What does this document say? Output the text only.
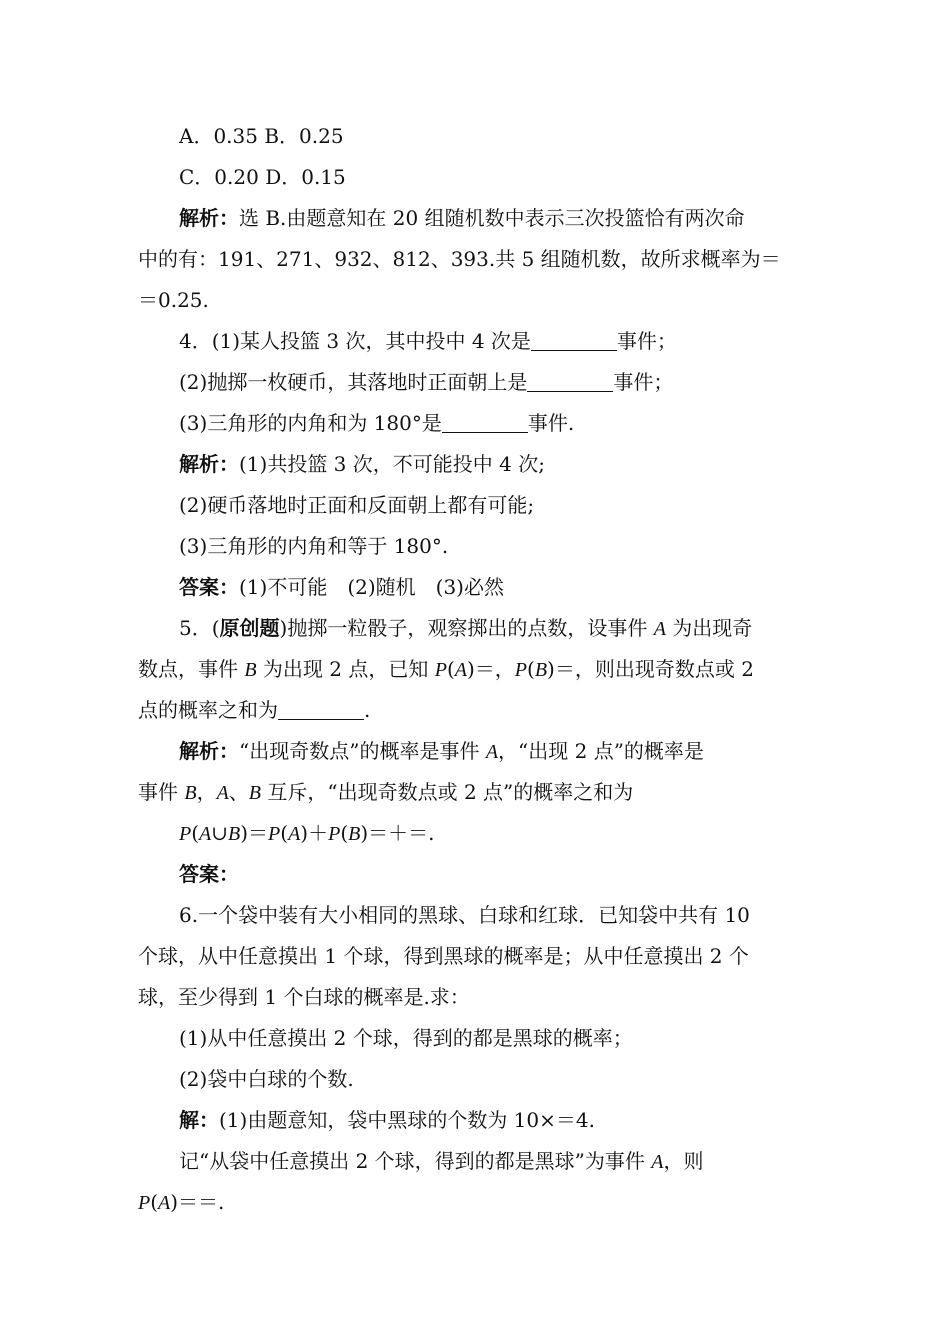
A．0.35 B．0.25
C．0.20 D．0.15
解析：选 B.由题意知在 20 组随机数中表示三次投篮恰有两次命
中的有：191、271、932、812、393.共 5 组随机数，故所求概率为＝
＝0.25.
4．(1)某人投篮 3 次，其中投中 4 次是	事件；
(2)抛掷一枚硬币，其落地时正面朝上是	事件；
(3)三角形的内角和为 180°是	事件.
解析：(1)共投篮 3 次，不可能投中 4 次;
(2)硬币落地时正面和反面朝上都有可能;
(3)三角形的内角和等于 180°.
答案：(1)不可能　(2)随机　(3)必然
5．(原创题)抛掷一粒骰子，观察掷出的点数，设事件 A 为出现奇
数点，事件 B 为出现 2 点，已知 P(A)＝，P(B)＝，则出现奇数点或 2
点的概率之和为	.
解析：“出现奇数点”的概率是事件 A，“出现 2 点”的概率是
事件 B，A、B 互斥，“出现奇数点或 2 点”的概率之和为
P(A∪B)＝P(A)＋P(B)＝＋＝.
答案：
6.一个袋中装有大小相同的黑球、白球和红球．已知袋中共有 10
个球，从中任意摸出 1 个球，得到黑球的概率是；从中任意摸出 2 个
球，至少得到 1 个白球的概率是.求：
(1)从中任意摸出 2 个球，得到的都是黑球的概率；
(2)袋中白球的个数.
解：(1)由题意知，袋中黑球的个数为 10×＝4.
记“从袋中任意摸出 2 个球，得到的都是黑球”为事件 A，则
P(A)＝＝.
